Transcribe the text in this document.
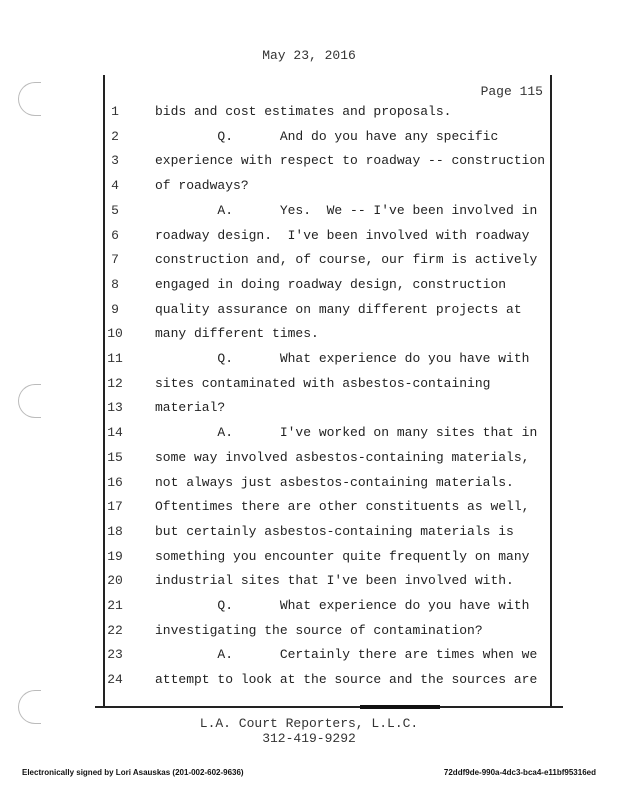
May 23, 2016
Page 115
1	bids and cost estimates and proposals.
2	Q.      And do you have any specific
3	experience with respect to roadway -- construction
4	of roadways?
5	A.      Yes.  We -- I've been involved in
6	roadway design.  I've been involved with roadway
7	construction and, of course, our firm is actively
8	engaged in doing roadway design, construction
9	quality assurance on many different projects at
10	many different times.
11	Q.      What experience do you have with
12	sites contaminated with asbestos-containing
13	material?
14	A.      I've worked on many sites that in
15	some way involved asbestos-containing materials,
16	not always just asbestos-containing materials.
17	Oftentimes there are other constituents as well,
18	but certainly asbestos-containing materials is
19	something you encounter quite frequently on many
20	industrial sites that I've been involved with.
21	Q.      What experience do you have with
22	investigating the source of contamination?
23	A.      Certainly there are times when we
24	attempt to look at the source and the sources are
L.A. Court Reporters, L.L.C.
312-419-9292
Electronically signed by Lori Asauskas (201-002-602-9636)	72ddf9de-990a-4dc3-bca4-e11bf95316ed
